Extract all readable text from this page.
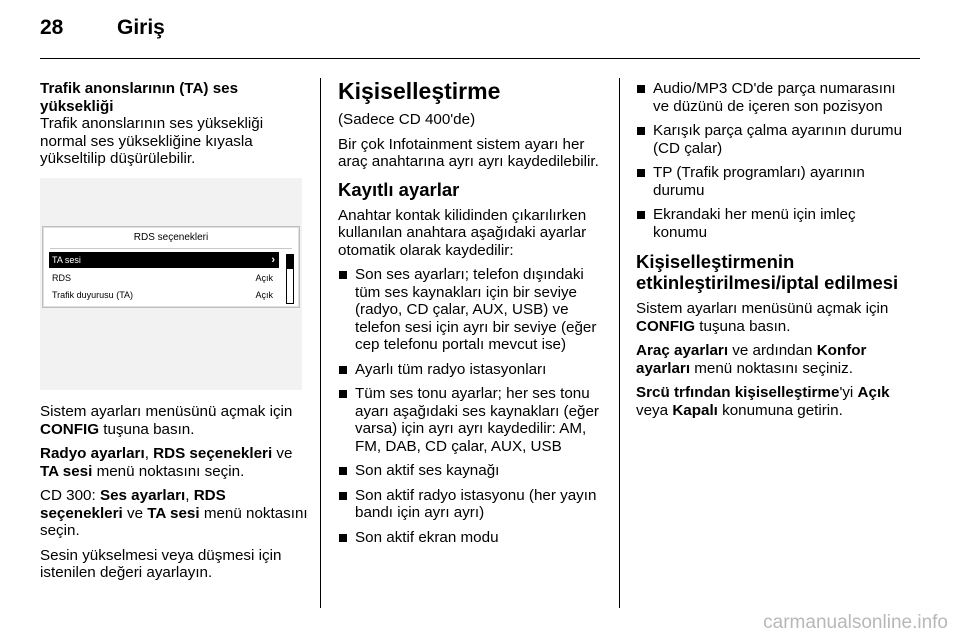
28	Giriş

Trafik anonslarının (TA) ses yüksekliği

Trafik anonslarının ses yüksekliği normal ses yüksekliğine kıyasla yükseltilip düşürülebilir.

RDS seçenekleri
TA sesi	›
RDS	Açık
Trafik duyurusu (TA)	Açık

Sistem ayarları menüsünü açmak için CONFIG tuşuna basın.

Radyo ayarları, RDS seçenekleri ve TA sesi menü noktasını seçin.

CD 300: Ses ayarları, RDS seçenekleri ve TA sesi menü noktasını seçin.

Sesin yükselmesi veya düşmesi için istenilen değeri ayarlayın.

Kişiselleştirme

(Sadece CD 400'de)

Bir çok Infotainment sistem ayarı her araç anahtarına ayrı ayrı kaydedilebilir.

Kayıtlı ayarlar

Anahtar kontak kilidinden çıkarılırken kullanılan anahtara aşağıdaki ayarlar otomatik olarak kaydedilir:

Son ses ayarları; telefon dışındaki tüm ses kaynakları için bir seviye (radyo, CD çalar, AUX, USB) ve telefon sesi için ayrı bir seviye (eğer cep telefonu portalı mevcut ise)
Ayarlı tüm radyo istasyonları
Tüm ses tonu ayarlar; her ses tonu ayarı aşağıdaki ses kaynakları (eğer varsa) için ayrı ayrı kaydedilir: AM, FM, DAB, CD çalar, AUX, USB
Son aktif ses kaynağı
Son aktif radyo istasyonu (her yayın bandı için ayrı ayrı)
Son aktif ekran modu
Audio/MP3 CD'de parça numarasını ve düzünü de içeren son pozisyon
Karışık parça çalma ayarının durumu (CD çalar)
TP (Trafik programları) ayarının durumu
Ekrandaki her menü için imleç konumu

Kişiselleştirmenin etkinleştirilmesi/iptal edilmesi

Sistem ayarları menüsünü açmak için CONFIG tuşuna basın.

Araç ayarları ve ardından Konfor ayarları menü noktasını seçiniz.

Srcü trfından kişiselleştirme'yi Açık veya Kapalı konumuna getirin.

carmanualsonline.info
